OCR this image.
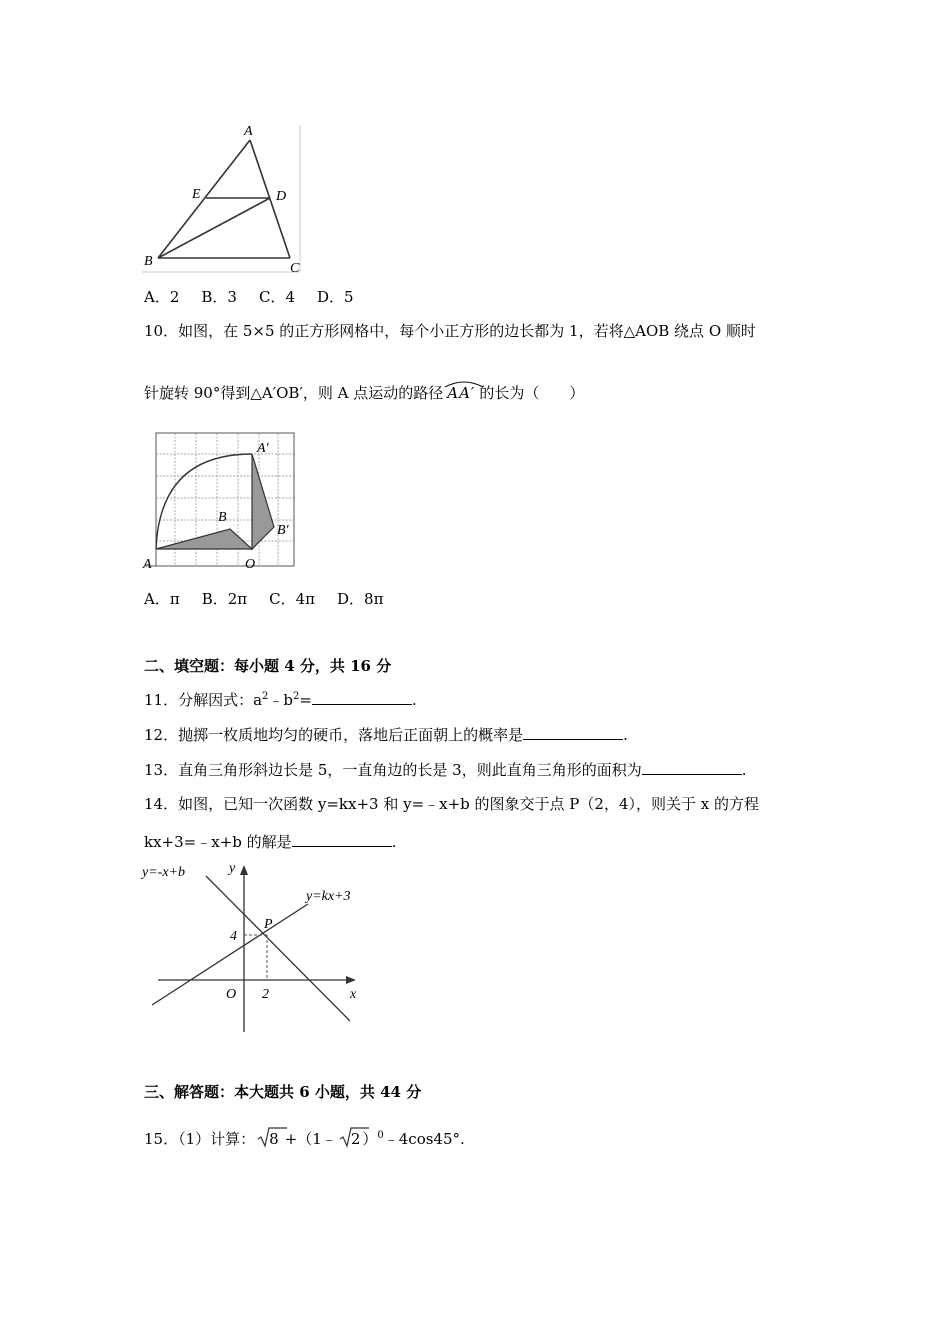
A
E	D
B	C
A．2 B．3 C．4 D．5
10．如图，在 5×5 的正方形网格中，每个小正方形的边长都为 1，若将△AOB 绕点 O 顺时
针旋转 90°得到△A′OB′，则 A 点运动的路径 AA′ 的长为（　　）
A	O
B
A′
B′
A．π B．2π C．4π D．8π
二、填空题：每小题 4 分，共 16 分
11．分解因式：$a^2﹣b^2=$	.
12．抛掷一枚质地均匀的硬币，落地后正面朝上的概率是	.
13．直角三角形斜边长是 5，一直角边的长是 3，则此直角三角形的面积为	.
14．如图，已知一次函数 y=kx+3 和 y=﹣x+b 的图象交于点 P（2，4），则关于 x 的方程
kx+3=﹣x+b 的解是	.
y=-x+b
y=kx+3
y
x
O
P
4
2
三、解答题：本大题共 6 小题，共 44 分
15．（1）计算： 8 +（1﹣ 2 ）$^0$﹣4cos45°.
